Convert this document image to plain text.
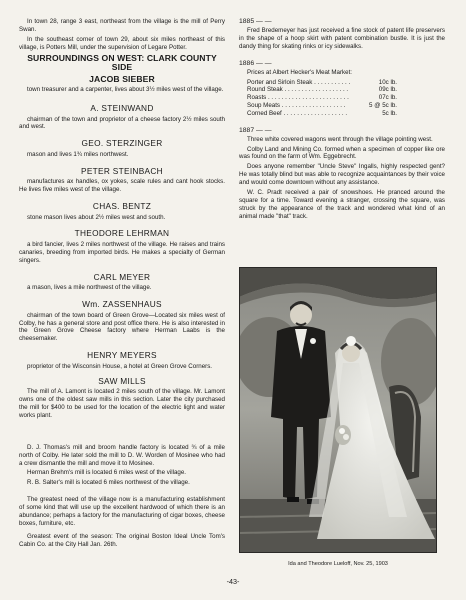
In town 28, range 3 east, northeast from the village is the mill of Perry Swan.

In the southeast corner of town 29, about six miles northeast of this village, is Potters Mill, under the supervision of Legare Potter.

SURROUNDINGS ON WEST: CLARK COUNTY SIDE
JACOB SIEBER

town treasurer and a carpenter, lives about 3½ miles west of the village.

A. STEINWAND

chairman of the town and proprietor of a cheese factory 2½ miles south and west.

GEO. STERZINGER

mason and lives 1¾ miles northwest.

PETER STEINBACH

manufactures ax handles, ox yokes, scale rules and cant hook stocks. He lives five miles west of the village.

CHAS. BENTZ

stone mason lives about 2½ miles west and south.

THEODORE LEHRMAN

a bird fancier, lives 2 miles northwest of the village. He raises and trains canaries, breeding from imported birds. He makes a specialty of German singers.

CARL MEYER

a mason, lives a mile northwest of the village.

Wm. ZASSENHAUS

chairman of the town board of Green Grove—Located six miles west of Colby, he has a general store and post office there. He is also interested in the Green Grove Cheese factory where Herman Laabs is the cheesemaker.

HENRY MEYERS

proprietor of the Wisconsin House, a hotel at Green Grove Corners.

SAW MILLS

The mill of A. Lamont is located 2 miles south of the village. Mr. Lamont owns one of the oldest saw mills in this section. Later the city purchased the mill for $400 to be used for the location of the electric light and water works plant.

D. J. Thomas's mill and broom handle factory is located ¾ of a mile north of Colby. He later sold the mill to D. W. Worden of Mosinee who had a crew dismantle the mill and move it to Mosinee.

Herman Brehm's mill is located 6 miles west of the village.

R. B. Salter's mill is located 6 miles northwest of the village.

The greatest need of the village now is a manufacturing establishment of some kind that will use up the excellent hardwood of which there is an abundance; perhaps a factory for the manufacturing of cigar boxes, cheese boxes, furniture, etc.

Greatest event of the season: The original Boston Ideal Uncle Tom's Cabin Co. at the City Hall Jan. 26th.

1885 — —

Fred Bredemeyer has just received a fine stock of patent life preservers in the shape of a hoop skirt with patent combination bustle. It is just the dandy thing for skating rinks or icy sidewalks.

1886 — —

Prices at Albert Hecker's Meat Market:

Porter and Sirloin Steak . . . . . . . . . . .	10c lb.
Round Steak . . . . . . . . . . . . . . . . . . .	09c lb.
Roasts . . . . . . . . . . . . . . . . . . . . . . . .	07c lb.
Soup Meats . . . . . . . . . . . . . . . . . . .	5 @ 5c lb.
Corned Beef . . . . . . . . . . . . . . . . . . .	5c lb.
1887 — —

Three white covered wagons went through the village pointing west.

Colby Land and Mining Co. formed when a specimen of copper like ore was found on the farm of Wm. Eggebrecht.

Does anyone remember "Uncle Steve" Ingalls, highly respected gent? He was totally blind but was able to recognize acquaintances by their voice and would come downtown without any assistance.

W. C. Pradt received a pair of snowshoes. He pranced around the square for a time. Toward evening a stranger, crossing the square, was struck by the appearance of the track and wondered what kind of an animal made "that" track.

Ida and Theodore Lueloff, Nov. 25, 1903
-43-
